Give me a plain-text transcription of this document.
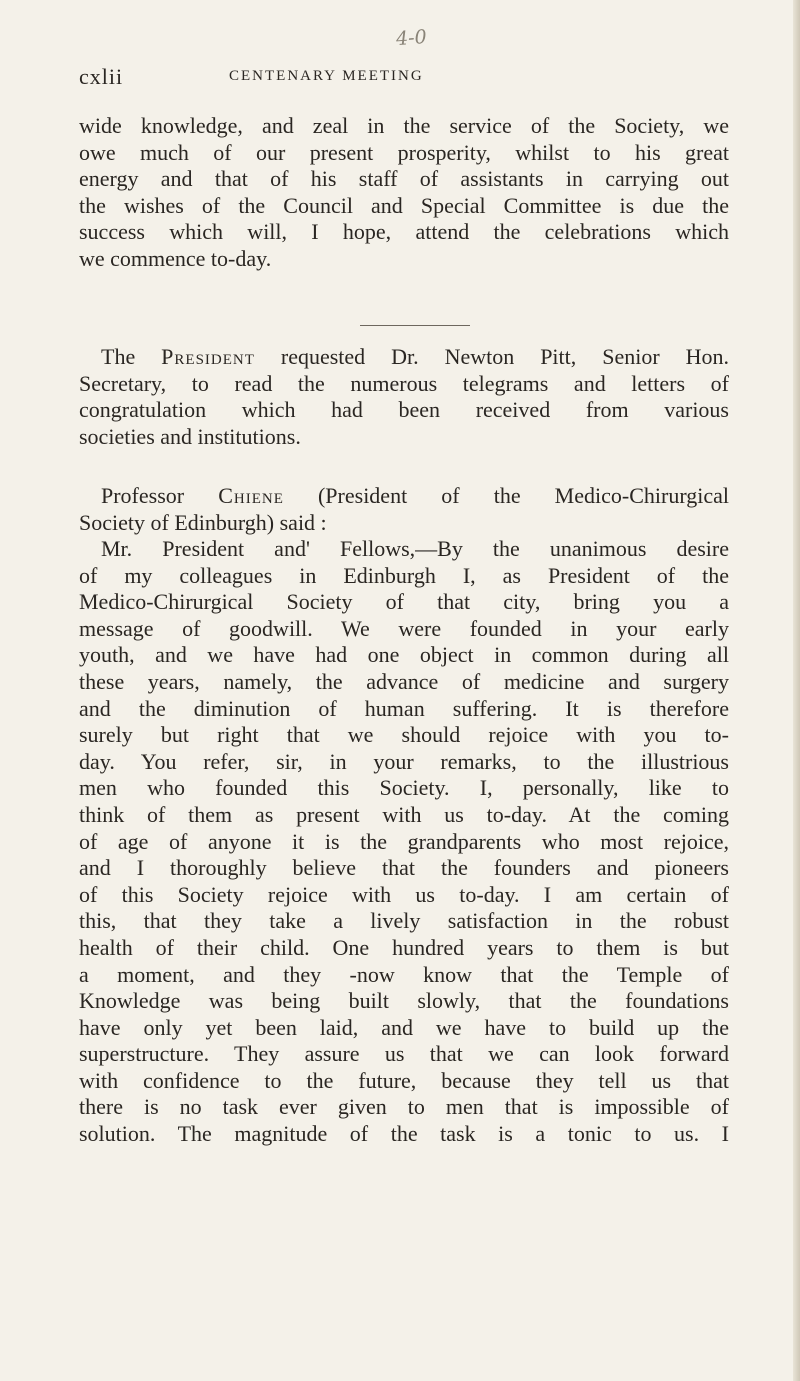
4-0
cxlii	CENTENARY MEETING
wide knowledge, and zeal in the service of the Society, we
owe much of our present prosperity, whilst to his great
energy and that of his staff of assistants in carrying out
the wishes of the Council and Special Committee is due the
success which will, I hope, attend the celebrations which
we commence to-day.
The President requested Dr. Newton Pitt, Senior Hon.
Secretary, to read the numerous telegrams and letters of
congratulation which had been received from various
societies and institutions.
Professor Chiene (President of the Medico-Chirurgical
Society of Edinburgh) said :
Mr. President and' Fellows,—By the unanimous desire
of my colleagues in Edinburgh I, as President of the
Medico-Chirurgical Society of that city, bring you a
message of goodwill. We were founded in your early
youth, and we have had one object in common during all
these years, namely, the advance of medicine and surgery
and the diminution of human suffering. It is therefore
surely but right that we should rejoice with you to-
day. You refer, sir, in your remarks, to the illustrious
men who founded this Society. I, personally, like to
think of them as present with us to-day. At the coming
of age of anyone it is the grandparents who most rejoice,
and I thoroughly believe that the founders and pioneers
of this Society rejoice with us to-day. I am certain of
this, that they take a lively satisfaction in the robust
health of their child. One hundred years to them is but
a moment, and they -now know that the Temple of
Knowledge was being built slowly, that the foundations
have only yet been laid, and we have to build up the
superstructure. They assure us that we can look forward
with confidence to the future, because they tell us that
there is no task ever given to men that is impossible of
solution. The magnitude of the task is a tonic to us. I
